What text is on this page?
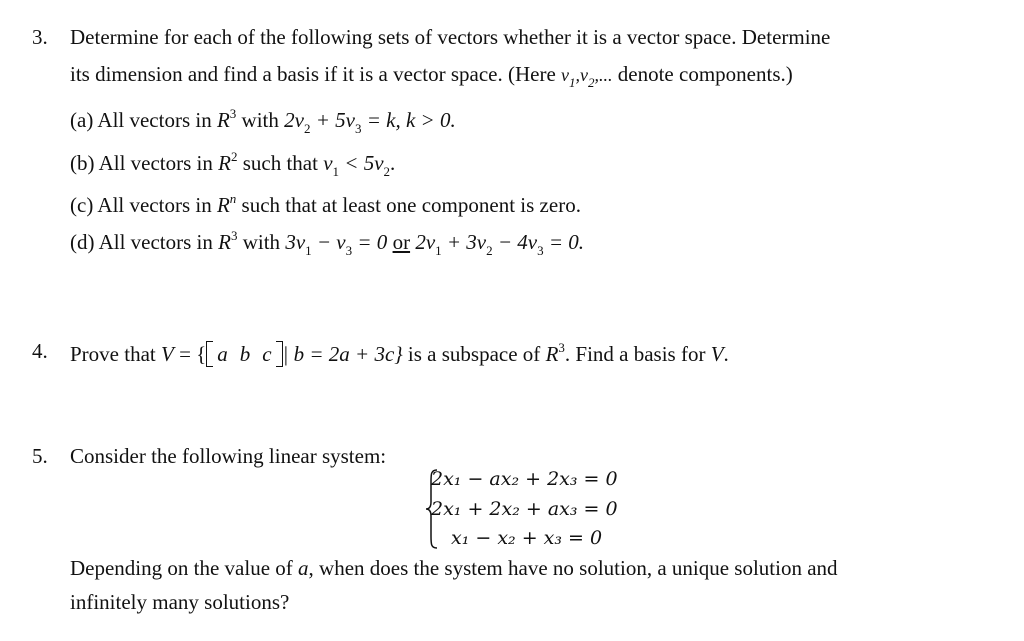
3. Determine for each of the following sets of vectors whether it is a vector space. Determine
its dimension and find a basis if it is a vector space. (Here $v_1,v_2$,... denote components.)
(a) All vectors in $R^3$ with $2v_2 + 5v_3 = k$, k > 0.
(b) All vectors in $R^2$ such that $v_1 < 5v_2$.
(c) All vectors in $R^n$ such that at least one component is zero.
(d) All vectors in $R^3$ with $3v_1 - v_3 = 0$ or $2v_1 + 3v_2 - 4v_3 = 0$.
4. Prove that V = { a b c | b = 2a + 3c} is a subspace of $R^3$. Find a basis for V.
5. Consider the following linear system:
2x₁ − ax₂ + 2x₃ = 0
2x₁ + 2x₂ + ax₃ = 0
x₁ − x₂ + x₃ = 0
Depending on the value of a, when does the system have no solution, a unique solution and
infinitely many solutions?
